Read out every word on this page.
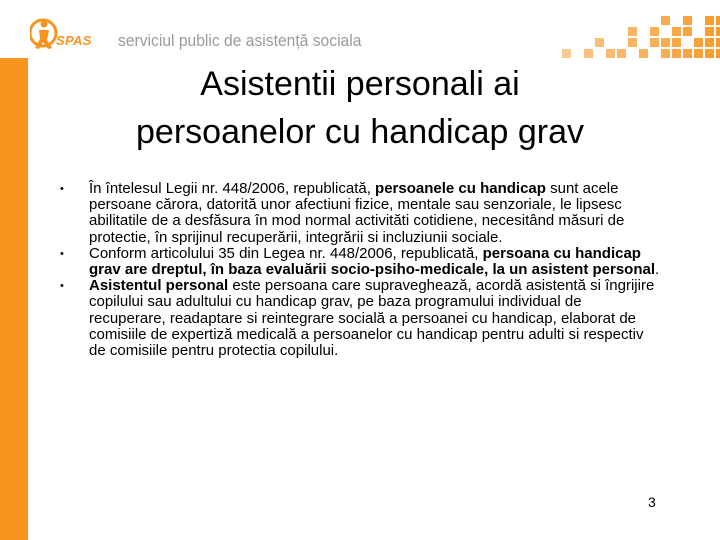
SPAS serviciul public de asistență sociala
Asistentii personali ai
persoanelor cu handicap grav
• În întelesul Legii nr. 448/2006, republicată, persoanele cu handicap sunt acele persoane cărora, datorită unor afectiuni fizice, mentale sau senzoriale, le lipsesc abilitatile de a desfăsura în mod normal activităti cotidiene, necesitând măsuri de protectie, în sprijinul recuperării, integrării si incluziunii sociale.

• Conform articolului 35 din Legea nr. 448/2006, republicată, persoana cu handicap grav are dreptul, în baza evaluării socio-psiho-medicale, la un asistent personal.

• Asistentul personal este persoana care supraveghează, acordă asistentă si îngrijire copilului sau adultului cu handicap grav, pe baza programului individual de recuperare, readaptare si reintegrare socială a persoanei cu handicap, elaborat de comisiile de expertiză medicală a persoanelor cu handicap pentru adulti si respectiv de comisiile pentru protectia copilului.

3
